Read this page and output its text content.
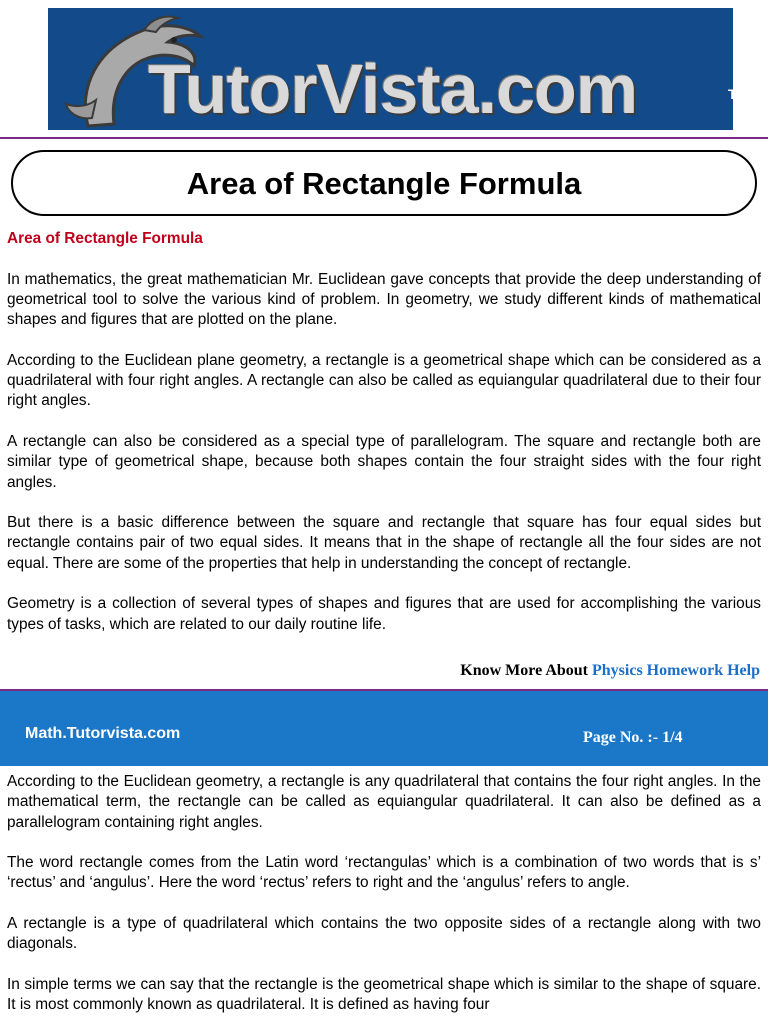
TutorVista.com	TM
Area of Rectangle Formula
Area of Rectangle Formula

In mathematics, the great mathematician Mr. Euclidean gave concepts that provide the deep understanding of geometrical tool to solve the various kind of problem. In geometry, we study different kinds of mathematical shapes and figures that are plotted on the plane.

According to the Euclidean plane geometry, a rectangle is a geometrical shape which can be considered as a quadrilateral with four right angles. A rectangle can also be called as equiangular quadrilateral due to their four right angles.

A rectangle can also be considered as a special type of parallelogram. The square and rectangle both are similar type of geometrical shape, because both shapes contain the four straight sides with the four right angles.

But there is a basic difference between the square and rectangle that square has four equal sides but rectangle contains pair of two equal sides. It means that in the shape of rectangle all the four sides are not equal. There are some of the properties that help in understanding the concept of rectangle.

Geometry is a collection of several types of shapes and figures that are used for accomplishing the various types of tasks, which are related to our daily routine life.

Know More About Physics Homework Help
Math.Tutorvista.com	Page No. :- 1/4

According to the Euclidean geometry, a rectangle is any quadrilateral that contains the four right angles. In the mathematical term, the rectangle can be called as equiangular quadrilateral. It can also be defined as a parallelogram containing right angles.

The word rectangle comes from the Latin word ‘rectangulas’ which is a combination of two words that is s’ ‘rectus’ and ‘angulus’. Here the word ‘rectus’ refers to right and the ‘angulus’ refers to angle.

A rectangle is a type of quadrilateral which contains the two opposite sides of a rectangle along with two diagonals.

In simple terms we can say that the rectangle is the geometrical shape which is similar to the shape of square. It is most commonly known as quadrilateral. It is defined as having four
